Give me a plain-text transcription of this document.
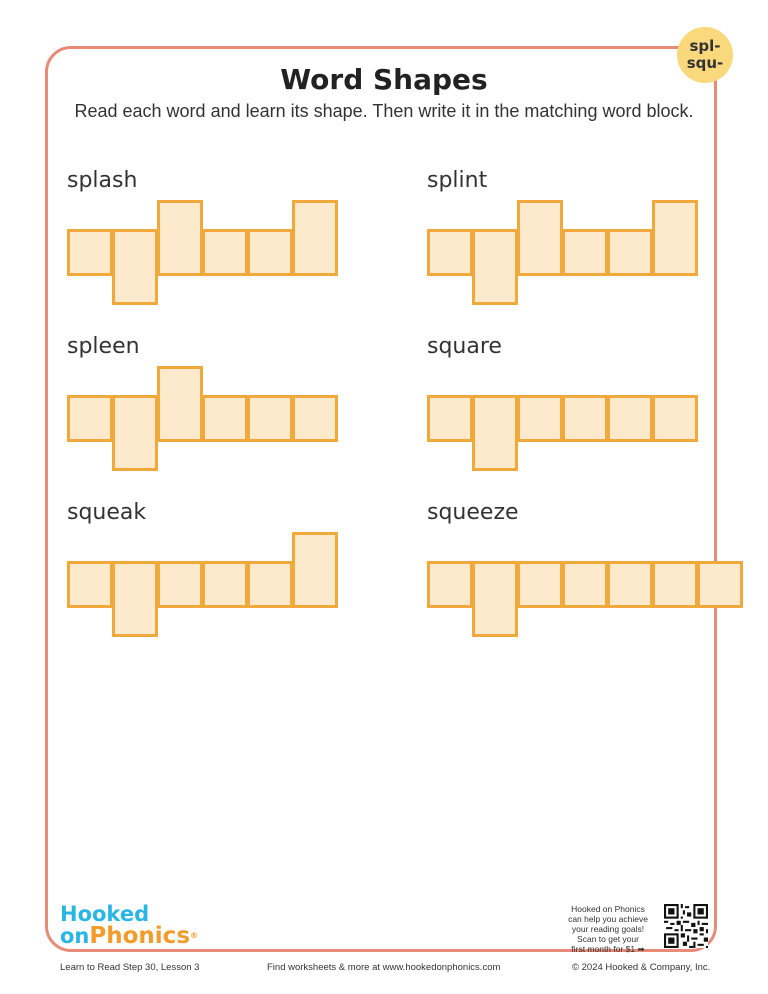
spl-
squ-
Word Shapes
Read each word and learn its shape. Then write it in the matching word block.
splash	splint
spleen	square
squeak	squeeze
Hooked
onPhonics®
Hooked on Phonics
can help you achieve
your reading goals!
Scan to get your
first month for $1 ➡
Learn to Read Step 30, Lesson 3	Find worksheets & more at www.hookedonphonics.com	© 2024 Hooked & Company, Inc.
